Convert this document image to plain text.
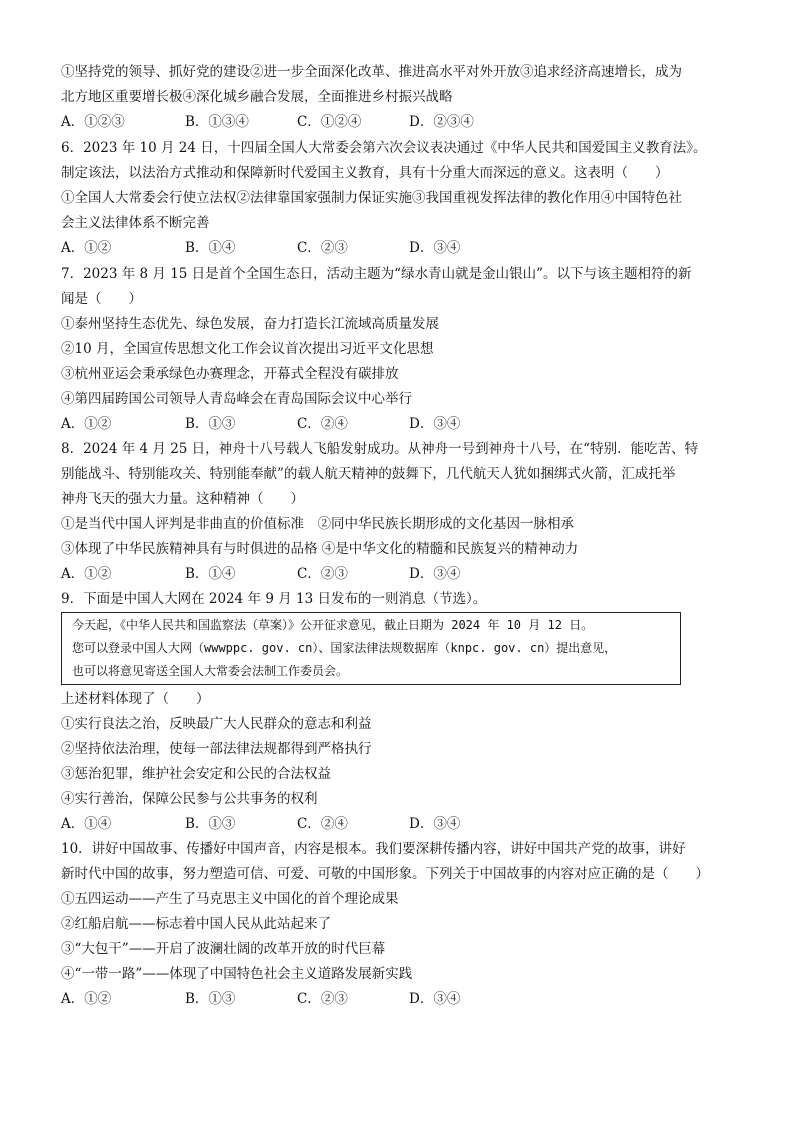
①坚持党的领导、抓好党的建设②进一步全面深化改革、推进高水平对外开放③追求经济高速增长，成为
北方地区重要增长极④深化城乡融合发展，全面推进乡村振兴战略
A．①②③	B．①③④	C．①②④	D．②③④
6．2023 年 10 月 24 日，十四届全国人大常委会第六次会议表决通过《中华人民共和国爱国主义教育法》。
制定该法，以法治方式推动和保障新时代爱国主义教育，具有十分重大而深远的意义。这表明（　　）
①全国人大常委会行使立法权②法律靠国家强制力保证实施③我国重视发挥法律的教化作用④中国特色社
会主义法律体系不断完善
A．①②	B．①④	C．②③	D．③④
7．2023 年 8 月 15 日是首个全国生态日，活动主题为“绿水青山就是金山银山”。以下与该主题相符的新
闻是（　　）
①泰州坚持生态优先、绿色发展，奋力打造长江流域高质量发展
②10 月，全国宣传思想文化工作会议首次提出习近平文化思想
③杭州亚运会秉承绿色办赛理念，开幕式全程没有碳排放
④第四届跨国公司领导人青岛峰会在青岛国际会议中心举行
A．①②	B．①③	C．②④	D．③④
8．2024 年 4 月 25 日，神舟十八号载人飞船发射成功。从神舟一号到神舟十八号，在“特别．能吃苦、特
别能战斗、特别能攻关、特别能奉献”的载人航天精神的鼓舞下，几代航天人犹如捆绑式火箭，汇成托举
神舟飞天的强大力量。这种精神（　　）
①是当代中国人评判是非曲直的价值标准　②同中华民族长期形成的文化基因一脉相承
③体现了中华民族精神具有与时俱进的品格 ④是中华文化的精髓和民族复兴的精神动力
A．①②	B．①④	C．②③	D．③④
9．下面是中国人大网在 2024 年 9 月 13 日发布的一则消息（节选）。
今天起，《中华人民共和国监察法（草案）》公开征求意见，截止日期为 2024 年 10 月 12 日。
您可以登录中国人大网（wwwppc. gov. cn）、国家法律法规数据库（knpc. gov. cn）提出意见，
也可以将意见寄送全国人大常委会法制工作委员会。
上述材料体现了（　　）
①实行良法之治，反映最广大人民群众的意志和利益
②坚持依法治理，使每一部法律法规都得到严格执行
③惩治犯罪，维护社会安定和公民的合法权益
④实行善治，保障公民参与公共事务的权利
A．①④	B．①③	C．②④	D．③④
10．讲好中国故事、传播好中国声音，内容是根本。我们要深耕传播内容，讲好中国共产党的故事，讲好
新时代中国的故事，努力塑造可信、可爱、可敬的中国形象。下列关于中国故事的内容对应正确的是（　　）
①五四运动——产生了马克思主义中国化的首个理论成果
②红船启航——标志着中国人民从此站起来了
③“大包干”——开启了波澜壮阔的改革开放的时代巨幕
④“一带一路”——体现了中国特色社会主义道路发展新实践
A．①②	B．①③	C．②③	D．③④
